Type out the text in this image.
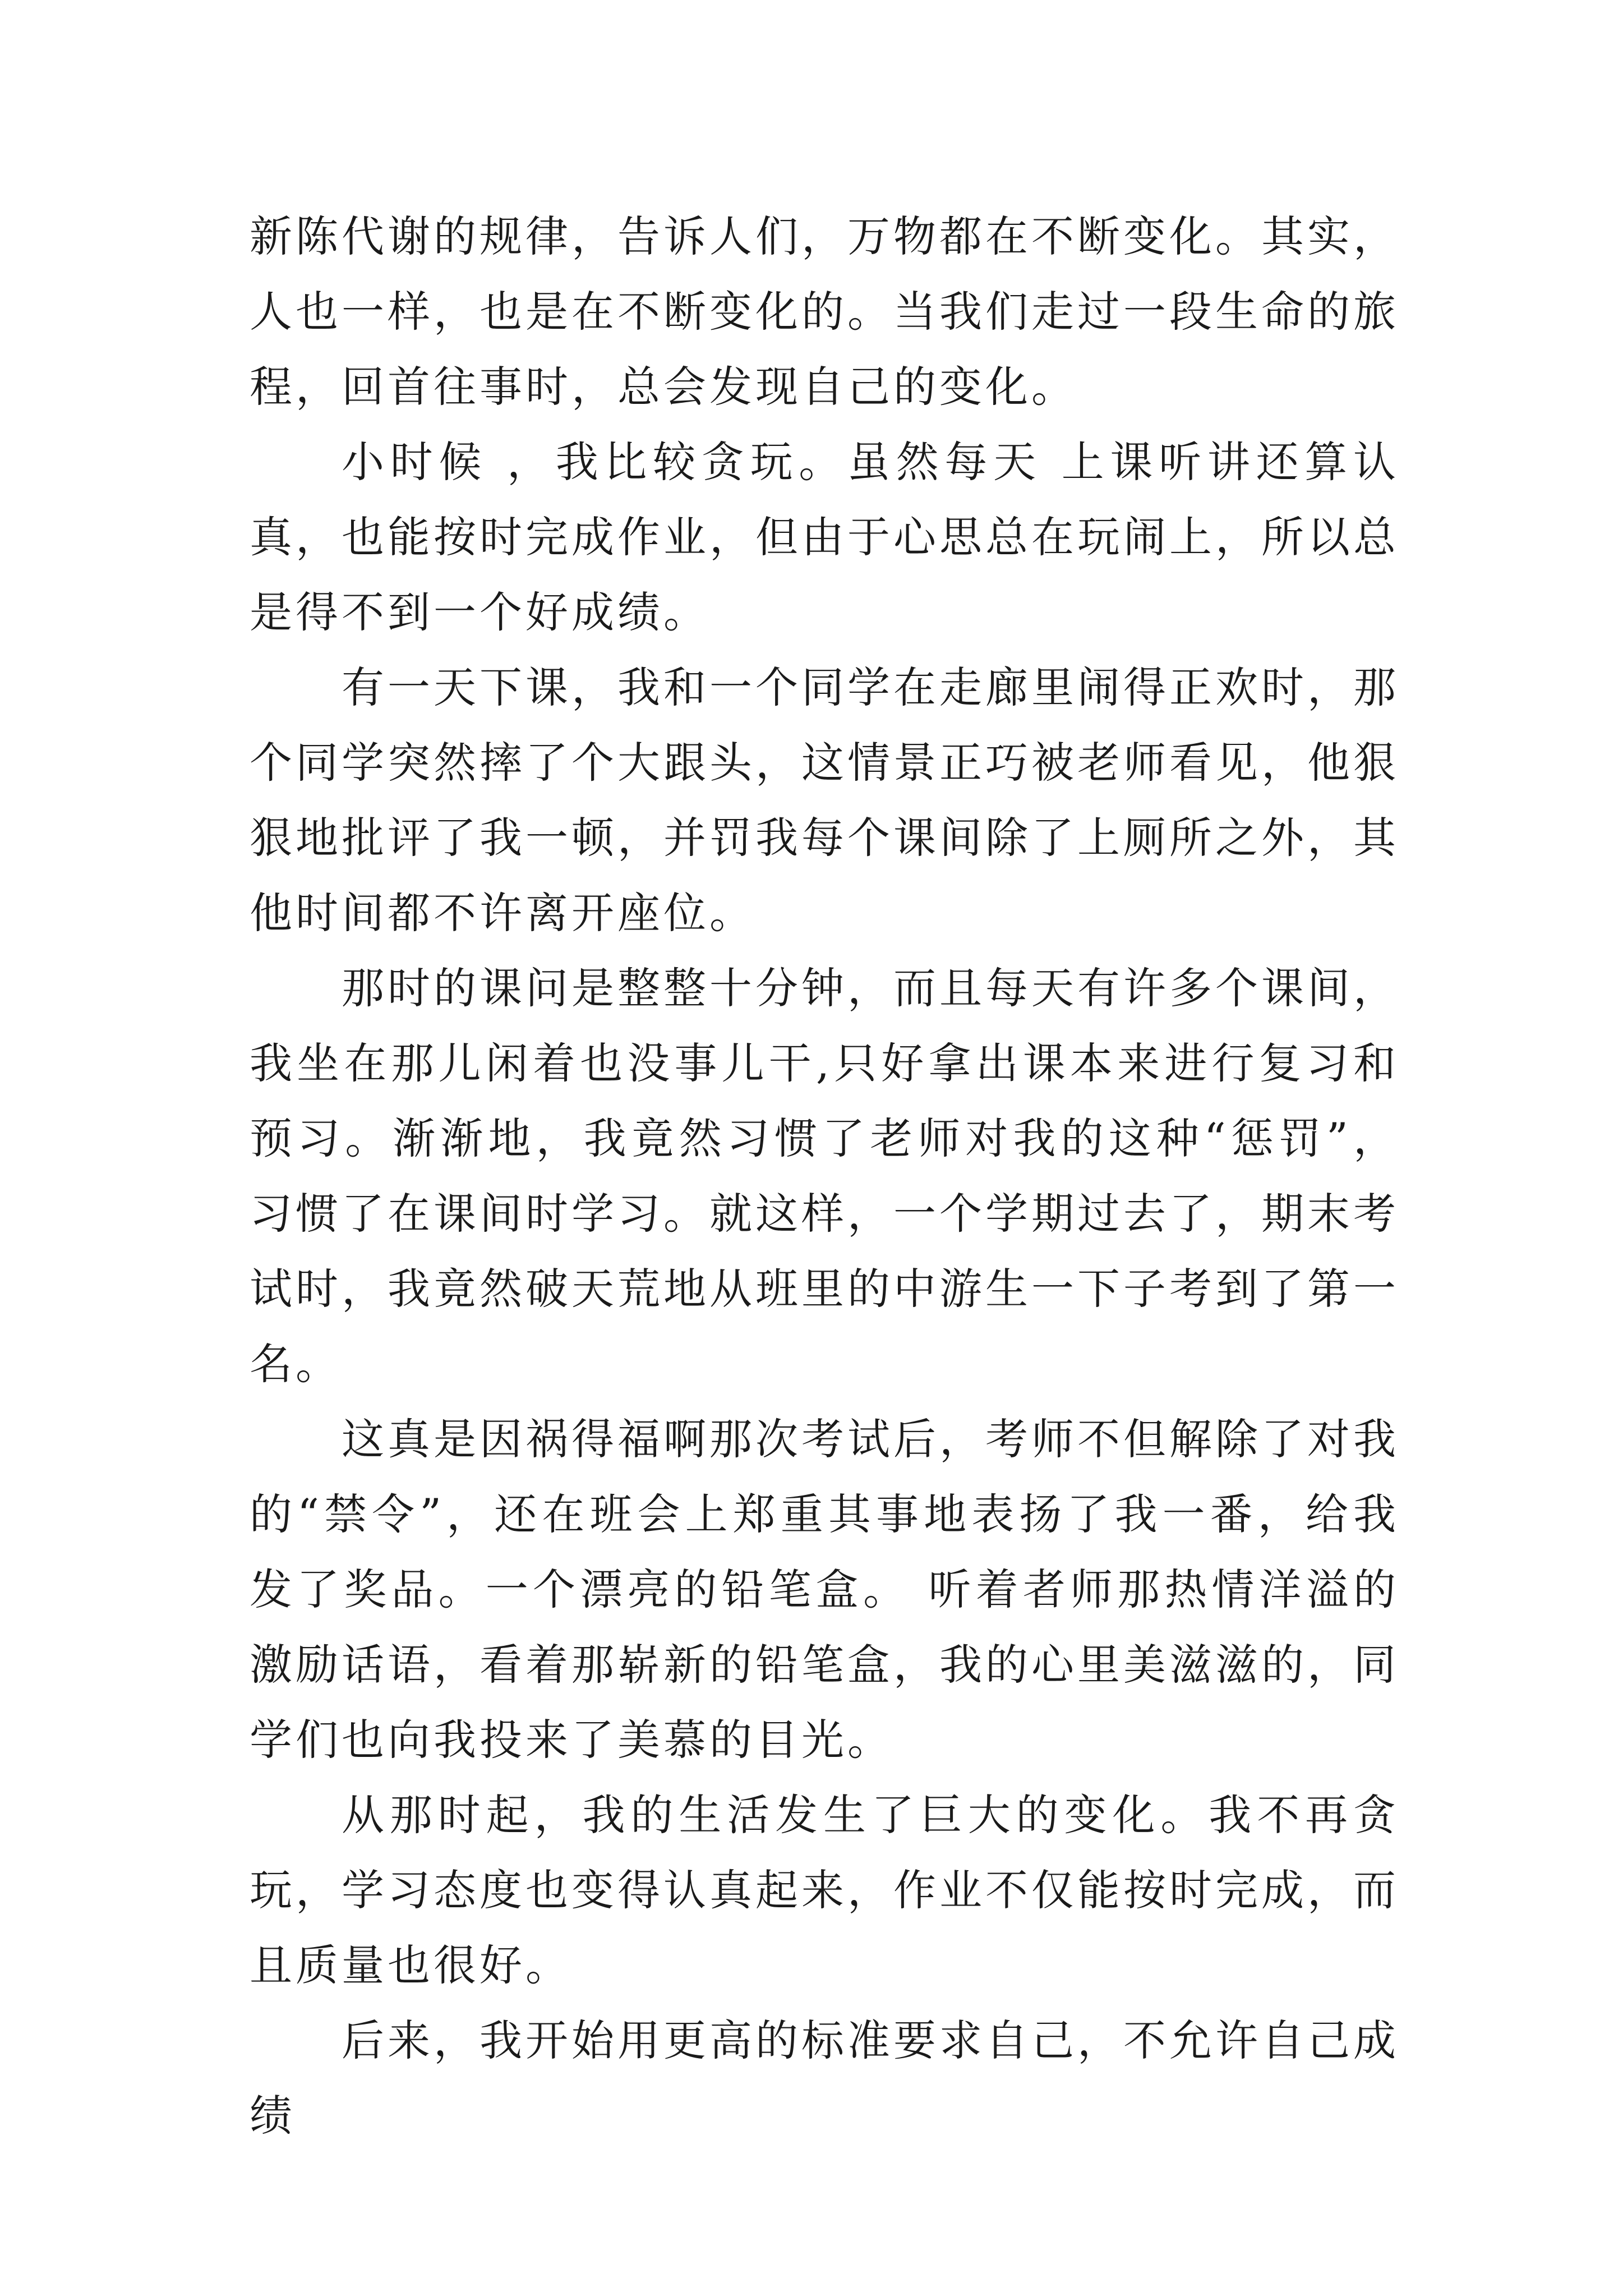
新陈代谢的规律，告诉人们，万物都在不断变化。其实，人也一样，也是在不断变化的。当我们走过一段生命的旅程，回首往事时，总会发现自己的变化。

小时候 ，我比较贪玩。虽然每天 上课听讲还算认真，也能按时完成作业，但由于心思总在玩闹上，所以总是得不到一个好成绩。

有一天下课，我和一个同学在走廊里闹得正欢时，那个同学突然摔了个大跟头，这情景正巧被老师看见，他狠狠地批评了我一顿，并罚我每个课间除了上厕所之外，其他时间都不许离开座位。

那时的课问是整整十分钟，而且每天有许多个课间，我坐在那儿闲着也没事儿干,只好拿出课本来进行复习和预习。渐渐地，我竟然习惯了老师对我的这种“惩罚”，习惯了在课间时学习。就这样，一个学期过去了，期末考试时，我竟然破天荒地从班里的中游生一下子考到了第一名。

这真是因祸得福啊那次考试后，考师不但解除了对我的“禁令”，还在班会上郑重其事地表扬了我一番，给我发了奖品。一个漂亮的铅笔盒。 听着者师那热情洋溢的激励话语，看着那崭新的铅笔盒，我的心里美滋滋的，同学们也向我投来了美慕的目光。

从那时起，我的生活发生了巨大的变化。我不再贪玩，学习态度也变得认真起来，作业不仅能按时完成，而且质量也很好。

后来，我开始用更高的标准要求自己，不允许自己成绩
